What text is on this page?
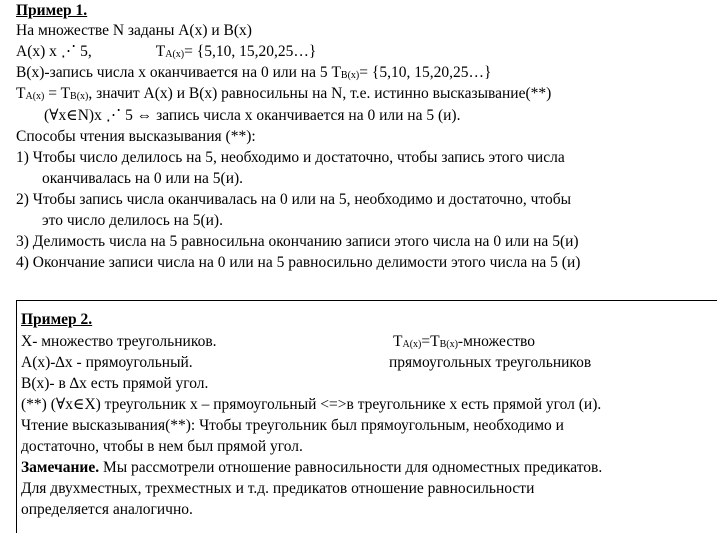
Пример 1.
На множестве N заданы A(x) и B(x)
A(x) x ⋰ 5,	TA(x)= {5,10, 15,20,25…}
B(x)-запись числа x оканчивается на 0 или на 5 TB(x)= {5,10, 15,20,25…}
TA(x) = TB(x), значит A(x) и B(x) равносильны на N, т.е. истинно высказывание(**)
(∀x∈N)x ⋰ 5 ⇔ запись числа x оканчивается на 0 или на 5 (и).
Способы чтения высказывания (**):
1) Чтобы число делилось на 5, необходимо и достаточно, чтобы запись этого числа
оканчивалась на 0 или на 5(и).
2) Чтобы запись числа оканчивалась на 0 или на 5, необходимо и достаточно, чтобы
это число делилось на 5(и).
3) Делимость числа на 5 равносильна окончанию записи этого числа на 0 или на 5(и)
4) Окончание записи числа на 0 или на 5 равносильно делимости этого числа на 5 (и)
Пример 2.
X- множество треугольников.	TA(x)=TB(x)-множество
A(x)-∆x - прямоугольный.	прямоугольных треугольников
B(x)- в ∆x есть прямой угол.
(**) (∀x∈X) треугольник x – прямоугольный <=>в треугольнике x есть прямой угол (и).
Чтение высказывания(**): Чтобы треугольник был прямоугольным, необходимо и
достаточно, чтобы в нем был прямой угол.
Замечание. Мы рассмотрели отношение равносильности для одноместных предикатов.
Для двухместных, трехместных и т.д. предикатов отношение равносильности
определяется аналогично.
